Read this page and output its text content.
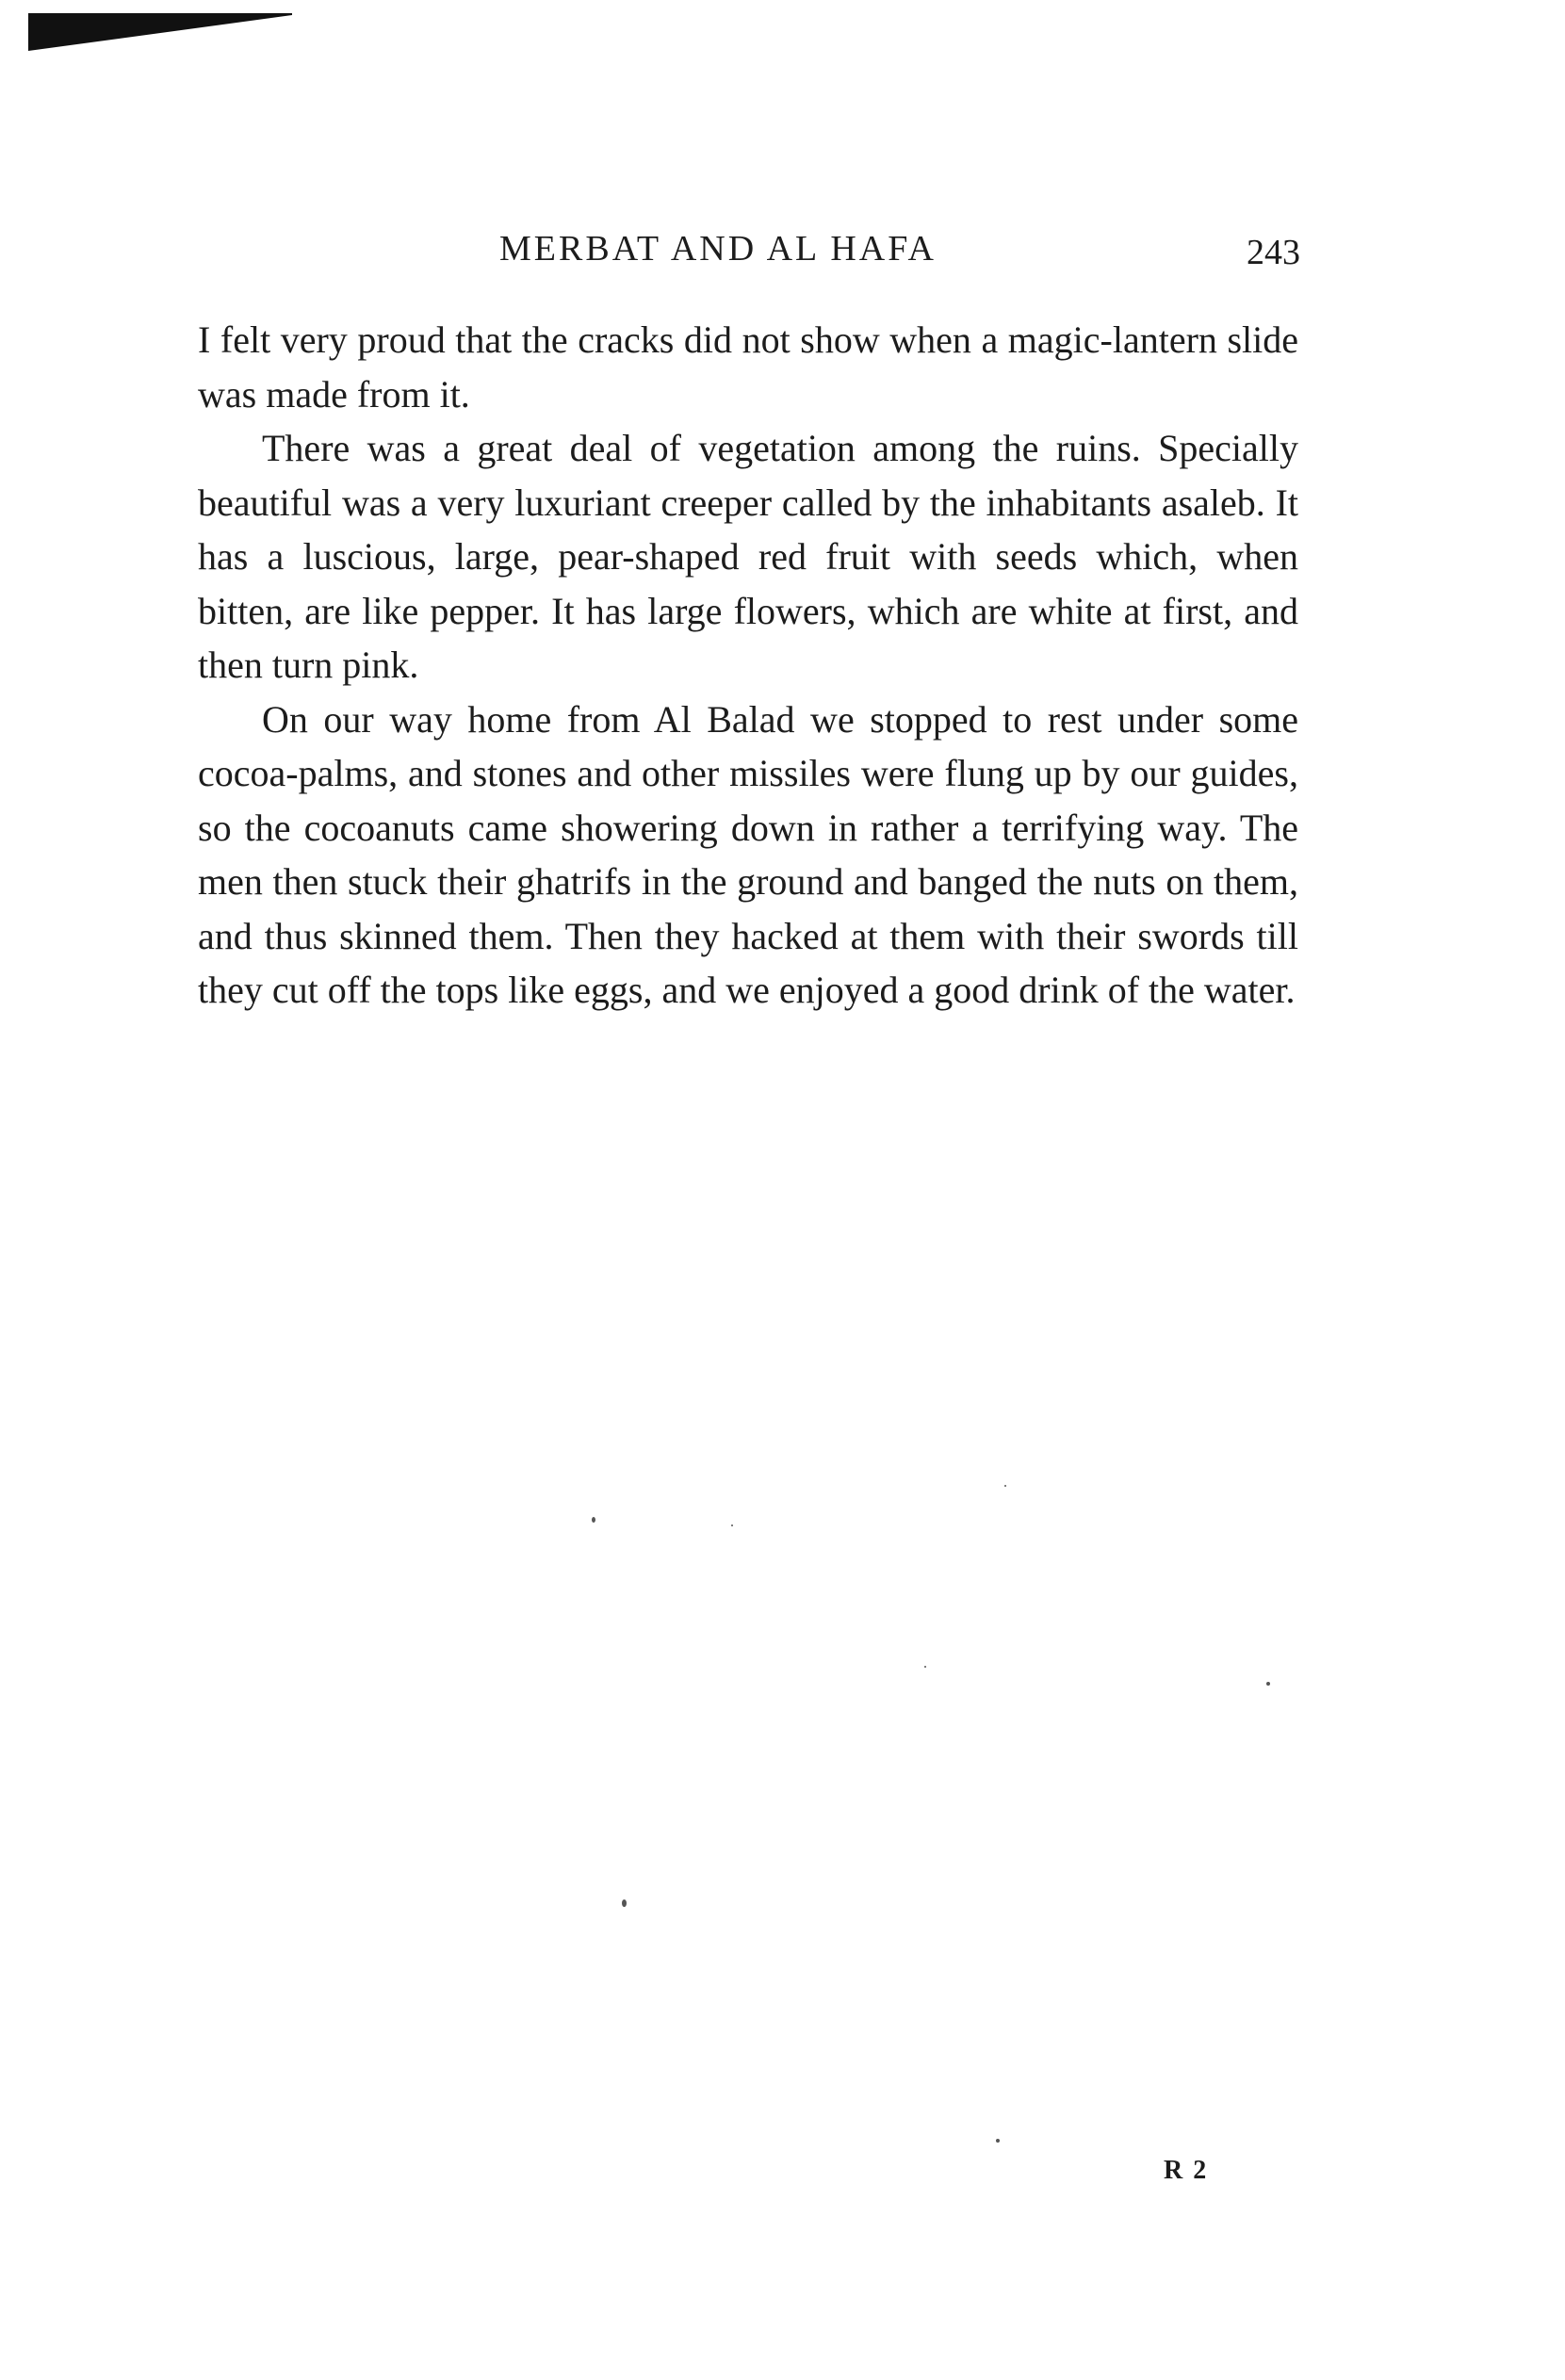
MERBAT AND AL HAFA	243

I felt very proud that the cracks did not show when a magic-lantern slide was made from it.

There was a great deal of vegetation among the ruins. Specially beautiful was a very luxuriant creeper called by the inhabitants asaleb. It has a luscious, large, pear-shaped red fruit with seeds which, when bitten, are like pepper. It has large flowers, which are white at first, and then turn pink.

On our way home from Al Balad we stopped to rest under some cocoa-palms, and stones and other missiles were flung up by our guides, so the cocoanuts came showering down in rather a terrifying way. The men then stuck their ghatrifs in the ground and banged the nuts on them, and thus skinned them. Then they hacked at them with their swords till they cut off the tops like eggs, and we enjoyed a good drink of the water.

R 2
